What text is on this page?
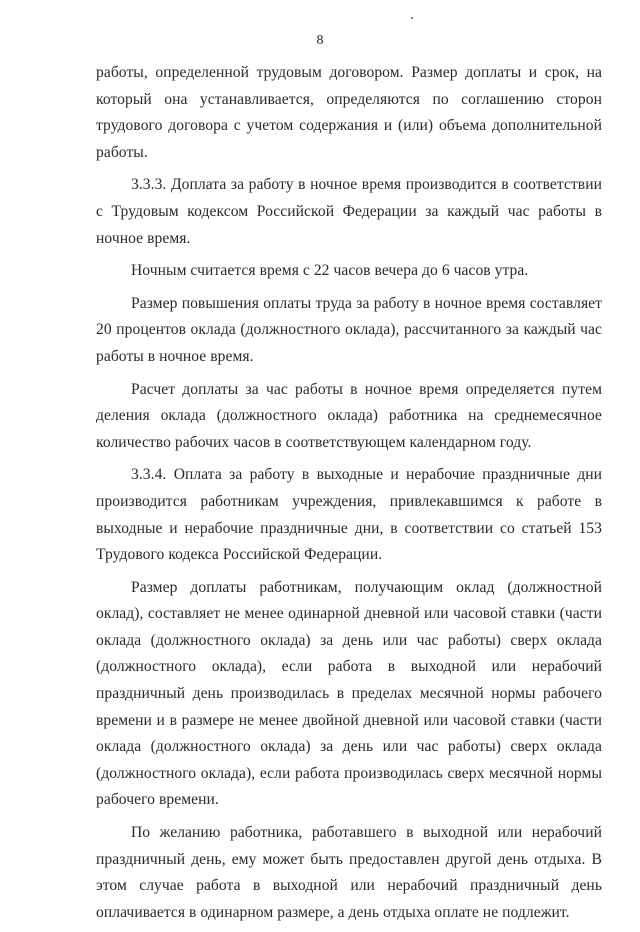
8

работы, определенной трудовым договором. Размер доплаты и срок, на который она устанавливается, определяются по соглашению сторон трудового договора с учетом содержания и (или) объема дополнительной работы.

3.3.3. Доплата за работу в ночное время производится в соответствии с Трудовым кодексом Российской Федерации за каждый час работы в ночное время.

Ночным считается время с 22 часов вечера до 6 часов утра.

Размер повышения оплаты труда за работу в ночное время составляет 20 процентов оклада (должностного оклада), рассчитанного за каждый час работы в ночное время.

Расчет доплаты за час работы в ночное время определяется путем деления оклада (должностного оклада) работника на среднемесячное количество рабочих часов в соответствующем календарном году.

3.3.4. Оплата за работу в выходные и нерабочие праздничные дни производится работникам учреждения, привлекавшимся к работе в выходные и нерабочие праздничные дни, в соответствии со статьей 153 Трудового кодекса Российской Федерации.

Размер доплаты работникам, получающим оклад (должностной оклад), составляет не менее одинарной дневной или часовой ставки (части оклада (должностного оклада) за день или час работы) сверх оклада (должностного оклада), если работа в выходной или нерабочий праздничный день производилась в пределах месячной нормы рабочего времени и в размере не менее двойной дневной или часовой ставки (части оклада (должностного оклада) за день или час работы) сверх оклада (должностного оклада), если работа производилась сверх месячной нормы рабочего времени.

По желанию работника, работавшего в выходной или нерабочий праздничный день, ему может быть предоставлен другой день отдыха. В этом случае работа в выходной или нерабочий праздничный день оплачивается в одинарном размере, а день отдыха оплате не подлежит.
